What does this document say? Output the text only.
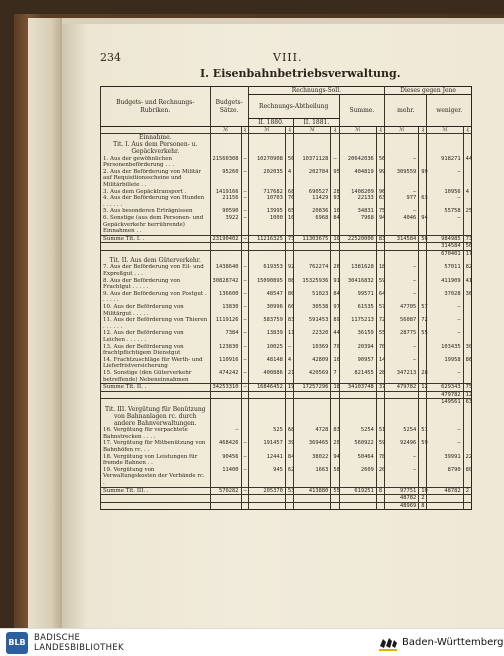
234	VIII.
I. Eisenbahnbetriebsverwaltung.
Budgets- und Rechnungs-Rubriken.	Budgets-Sätze.		Rechnungs-Soll.						Dieses gegen Jene			
			Rechnungs-Abtheilung				Summe.		mehr.		weniger.	
			II. 1880.		II. 1881.							
	ℳ	₰	ℳ	₰	ℳ	₰	ℳ	₰	ℳ	₰	ℳ	₰
Einnahme.												
Tit. I. Aus dem Personen- u. Gepäckverkehr.												
1. Aus der gewöhnlichen Personenbeförderung . . .	21560308	—	10270908	56	10371128	—	20642036	56	—		918271	44
2. Aus der Beförderung von Militär auf Requisitionsscheine und Militärbillete . .	95260	—	202035	4	202784	95	404819	99	309559	99	—	
3. Aus dem Gepäcktransport .	1419166	—	717682	68	690527	28	1408209	96	—		10956	4
4. Aus der Beförderung von Hunden . . . . . .	21156	—	10703	70	11429	93	22133	63	977	63	—	
5. Aus besonderen Erträgnissen	90590	—	13995	65	20836	10	34831	75	—		55758	25
6. Sonstige (aus dem Personen- und Gepäckverkehr herrührende) Einnahmen . .	3922	—	1000	10	6968	84	7968	94	4046	94	—	
Summe Tit. I. .	23190402	—	11216325	73	11303675	10	22520000	83	314584	56	984985	73
											314584	56
											670401	17
Tit. II. Aus dem Güterverkehr.												
7. Aus der Beförderung von Eil- und Expreßgut . . .	1438640	—	619353	92	762274	26	1381628	18	—		57011	82
8. Aus der Beförderung von Frachtgut . . . . .	30828742	—	15090895	08	15325936	91	30416832	59	—		411909	41
9. Aus der Beförderung von Postgut . . . . . .	136600	—	48547	80	51023	84	99571	64	—		37028	36
10. Aus der Beförderung von Militärgut . . . . .	13830	—	30996	60	30538	97	61535	57	47705	57	—	
11. Aus der Beförderung von Thieren . . . . . .	1119126	—	583759	83	591453	89	1175213	72	56087	72	—	
12. Aus der Beförderung von Leichen . . . . . .	7384	—	13839	11	22320	44	36159	55	28775	55	—	
13. Aus der Beförderung von frachtpflichtigem Dienstgut	123830	—	10025	—	10369	70	20394	70	—		103435	30
14. Frachtzuschläge für Werth- und Lieferfristversicherung	110916	—	48148	4	42809	10	90957	14	—		19958	86
15. Sonstige (den Güterverkehr betreffende) Nebeneinnahmen	474242	—	400886	21	420569	7	821455	28	347213	28	—	
Summe Tit. II. .	34253310	—	16846452	19	17257296	18	34103748	37	479782	12	629343	75
											479782	12
											149561	63
Tit. III. Vergütung für Benützung von Bahnanlagen rc. durch andere Bahnverwaltungen.												
16. Vergütung für verpachtete Bahnstrecken . . . .	—		525	68	4728	83	5254	51	5254	51	—	
17. Vergütung für Mitbenützung von Bahnhöfen rc. . .	468426	—	191457	39	369465	20	560922	59	92496	59	—	
18. Vergütung von Leistungen für fremde Bahnen . .	90456	—	12441	84	38022	94	50464	78	—		39991	22
19. Vergütung von Verwaltungskosten der Verbände rc. .	11400	—	945	62	1663	58	2609	20	—		8790	80
Summe Tit. III. .	570282	—	205370	53	413880	55	619251	8	97751	10	48782	2
									48782	2		
									48969	8		
BLB BADISCHE
LANDESBIBLIOTHEK	Baden-Württemberg
